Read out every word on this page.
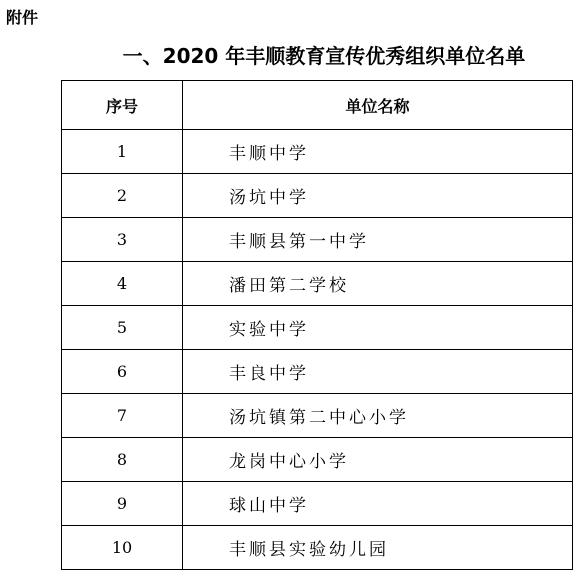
附件
一、2020 年丰顺教育宣传优秀组织单位名单
序号	单位名称
1	丰顺中学
2	汤坑中学
3	丰顺县第一中学
4	潘田第二学校
5	实验中学
6	丰良中学
7	汤坑镇第二中心小学
8	龙岗中心小学
9	球山中学
10	丰顺县实验幼儿园
